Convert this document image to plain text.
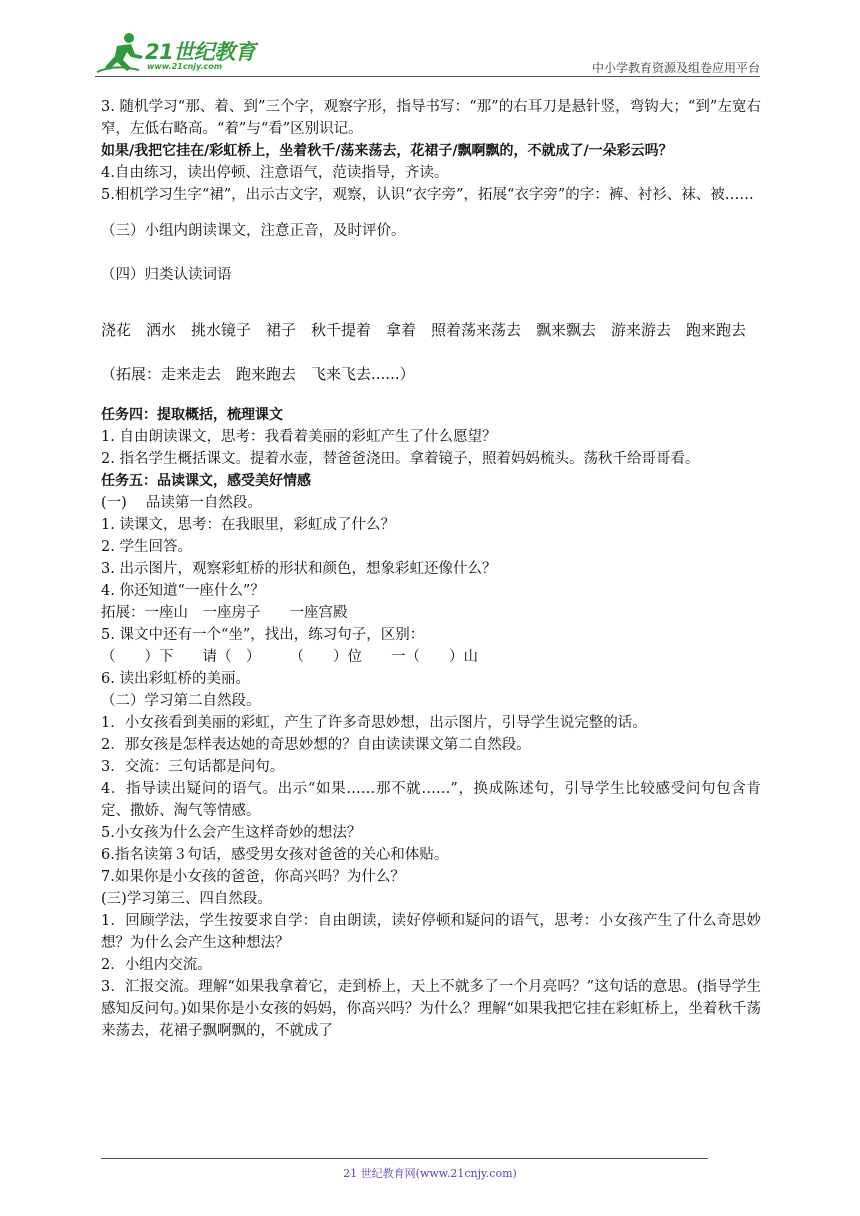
21世纪教育
www.21cnjy.com	中小学教育资源及组卷应用平台

3. 随机学习“那、着、到”三个字，观察字形，指导书写：“那”的右耳刀是悬针竖，弯钩大；“到”左宽右窄，左低右略高。“着”与“看”区别识记。

如果/我把它挂在/彩虹桥上，坐着秋千/荡来荡去，花裙子/飘啊飘的，不就成了/一朵彩云吗？

4.自由练习，读出停顿、注意语气，范读指导，齐读。

5.相机学习生字“裙”，出示古文字，观察，认识“衣字旁”，拓展“衣字旁”的字：裤、衬衫、袜、被……

（三）小组内朗读课文，注意正音，及时评价。

（四）归类认读词语

浇花　洒水　挑水镜子　裙子　秋千提着　拿着　照着荡来荡去　飘来飘去　游来游去　跑来跑去（拓展：走来走去　跑来跑去　飞来飞去......）

任务四：提取概括，梳理课文

1. 自由朗读课文，思考：我看着美丽的彩虹产生了什么愿望？

2. 指名学生概括课文。提着水壶，替爸爸浇田。拿着镜子，照着妈妈梳头。荡秋千给哥哥看。

任务五：品读课文，感受美好情感

(一)　 品读第一自然段。

1. 读课文，思考：在我眼里，彩虹成了什么？

2. 学生回答。

3. 出示图片，观察彩虹桥的形状和颜色，想象彩虹还像什么？

4. 你还知道“一座什么”？

拓展：一座山　一座房子　　一座宫殿

5. 课文中还有一个“坐”，找出，练习句子，区别：

（　　）下　　请（　）　　　（　　）位　　一（　　）山

6. 读出彩虹桥的美丽。

（二）学习第二自然段。

1．小女孩看到美丽的彩虹，产生了许多奇思妙想，出示图片，引导学生说完整的话。

2．那女孩是怎样表达她的奇思妙想的？自由读读课文第二自然段。

3．交流：三句话都是问句。

4．指导读出疑问的语气。出示“如果……那不就……”，换成陈述句，引导学生比较感受问句包含肯定、撒娇、淘气等情感。

5.小女孩为什么会产生这样奇妙的想法？

6.指名读第３句话，感受男女孩对爸爸的关心和体贴。

7.如果你是小女孩的爸爸，你高兴吗？为什么？

(三)学习第三、四自然段。

1．回顾学法，学生按要求自学：自由朗读，读好停顿和疑问的语气，思考：小女孩产生了什么奇思妙想？为什么会产生这种想法？

2．小组内交流。

3．汇报交流。理解“如果我拿着它，走到桥上，天上不就多了一个月亮吗？”这句话的意思。(指导学生感知反问句。)如果你是小女孩的妈妈，你高兴吗？为什么？理解“如果我把它挂在彩虹桥上，坐着秋千荡来荡去，花裙子飘啊飘的，不就成了

21 世纪教育网(www.21cnjy.com)
